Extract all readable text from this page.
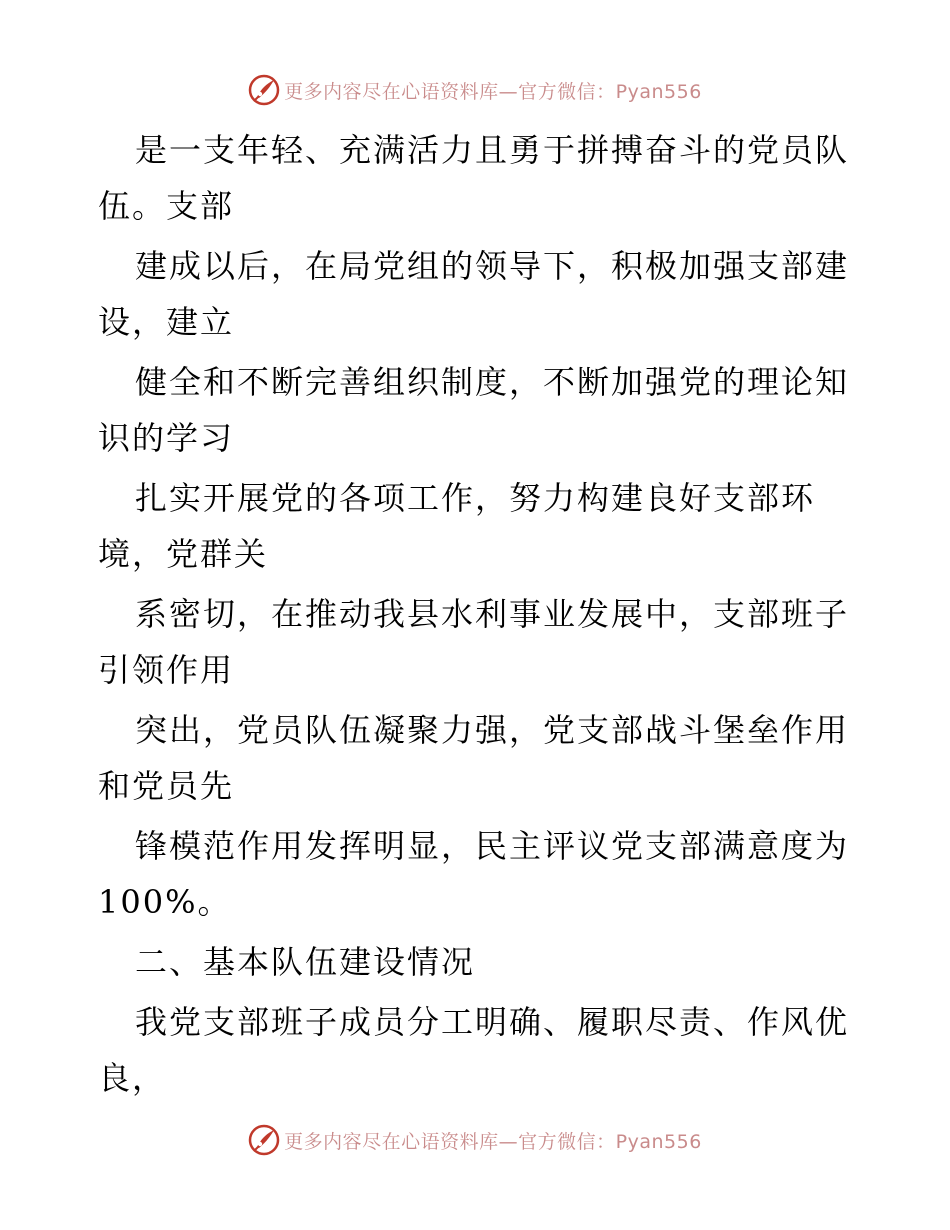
更多内容尽在心语资料库—官方微信：Pyan556
是一支年轻、充满活力且勇于拼搏奋斗的党员队
伍。支部
建成以后，在局党组的领导下，积极加强支部建
设，建立
健全和不断完善组织制度，不断加强党的理论知
识的学习
扎实开展党的各项工作，努力构建良好支部环
境，党群关
系密切，在推动我县水利事业发展中，支部班子
引领作用
突出，党员队伍凝聚力强，党支部战斗堡垒作用
和党员先
锋模范作用发挥明显，民主评议党支部满意度为
100%。
二、基本队伍建设情况
我党支部班子成员分工明确、履职尽责、作风优
良，
更多内容尽在心语资料库—官方微信：Pyan556
